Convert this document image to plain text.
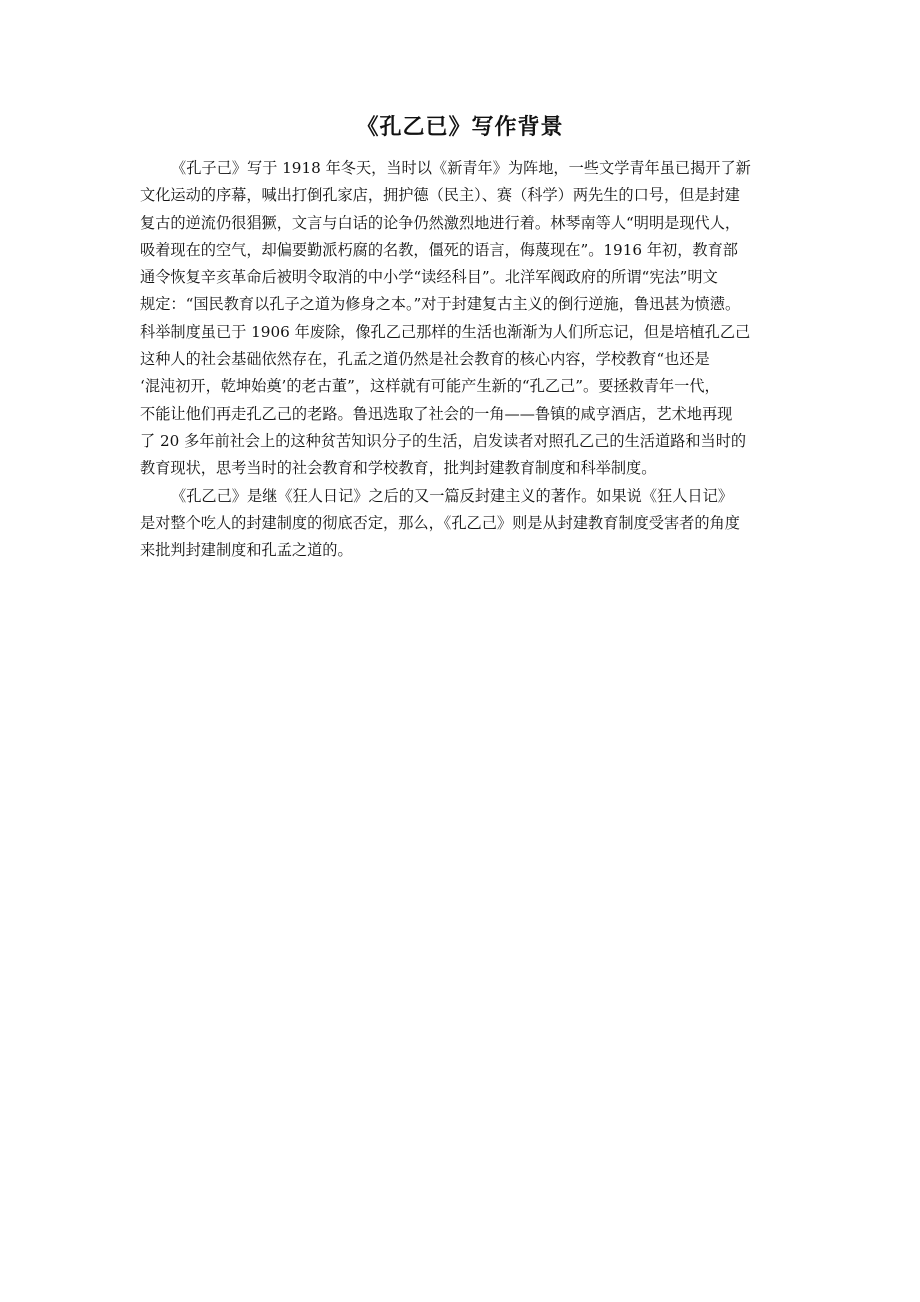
《孔乙已》写作背景
《孔子己》写于 1918 年冬天，当时以《新青年》为阵地，一些文学青年虽已揭开了新
文化运动的序幕，喊出打倒孔家店，拥护德（民主）、赛（科学）两先生的口号，但是封建
复古的逆流仍很猖獗，文言与白话的论争仍然激烈地进行着。林琴南等人“明明是现代人，
吸着现在的空气，却偏要勤派朽腐的名教，僵死的语言，侮蔑现在”。1916 年初，教育部
通令恢复辛亥革命后被明令取消的中小学“读经科目”。北洋军阀政府的所谓“宪法”明文
规定：“国民教育以孔子之道为修身之本。”对于封建复古主义的倒行逆施，鲁迅甚为愤懑。
科举制度虽已于 1906 年废除，像孔乙己那样的生活也渐渐为人们所忘记，但是培植孔乙己
这种人的社会基础依然存在，孔孟之道仍然是社会教育的核心内容，学校教育“也还是
‘混沌初开，乾坤始奠’的老古董”，这样就有可能产生新的“孔乙己”。要拯救青年一代，
不能让他们再走孔乙己的老路。鲁迅选取了社会的一角——鲁镇的咸亨酒店，艺术地再现
了 20 多年前社会上的这种贫苦知识分子的生活，启发读者对照孔乙己的生活道路和当时的
教育现状，思考当时的社会教育和学校教育，批判封建教育制度和科举制度。
《孔乙己》是继《狂人日记》之后的又一篇反封建主义的著作。如果说《狂人日记》
是对整个吃人的封建制度的彻底否定，那么，《孔乙己》则是从封建教育制度受害者的角度
来批判封建制度和孔孟之道的。
